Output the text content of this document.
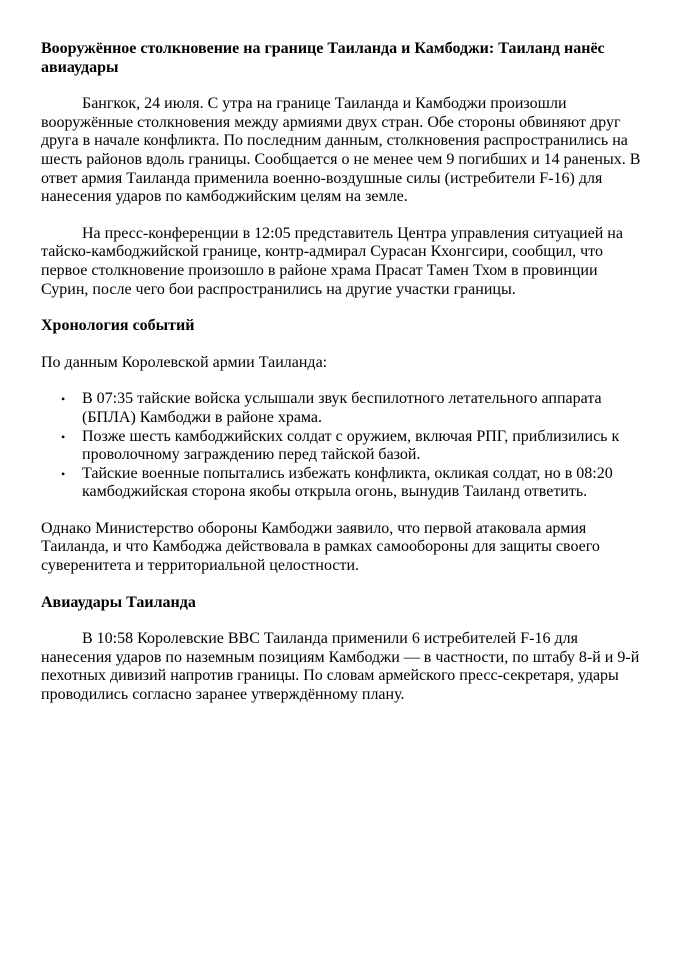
Вооружённое столкновение на границе Таиланда и Камбоджи: Таиланд нанёс авиаудары

Бангкок, 24 июля. С утра на границе Таиланда и Камбоджи произошли вооружённые столкновения между армиями двух стран. Обе стороны обвиняют друг друга в начале конфликта. По последним данным, столкновения распространились на шесть районов вдоль границы. Сообщается о не менее чем 9 погибших и 14 раненых. В ответ армия Таиланда применила военно-воздушные силы (истребители F-16) для нанесения ударов по камбоджийским целям на земле.

На пресс-конференции в 12:05 представитель Центра управления ситуацией на тайско-камбоджийской границе, контр-адмирал Сурасан Кхонгсири, сообщил, что первое столкновение произошло в районе храма Прасат Тамен Тхом в провинции Сурин, после чего бои распространились на другие участки границы.

Хронология событий

По данным Королевской армии Таиланда:

• В 07:35 тайские войска услышали звук беспилотного летательного аппарата (БПЛА) Камбоджи в районе храма.
• Позже шесть камбоджийских солдат с оружием, включая РПГ, приблизились к проволочному заграждению перед тайской базой.
• Тайские военные попытались избежать конфликта, окликая солдат, но в 08:20 камбоджийская сторона якобы открыла огонь, вынудив Таиланд ответить.

Однако Министерство обороны Камбоджи заявило, что первой атаковала армия Таиланда, и что Камбоджа действовала в рамках самообороны для защиты своего суверенитета и территориальной целостности.

Авиаудары Таиланда

В 10:58 Королевские ВВС Таиланда применили 6 истребителей F-16 для нанесения ударов по наземным позициям Камбоджи — в частности, по штабу 8-й и 9-й пехотных дивизий напротив границы. По словам армейского пресс-секретаря, удары проводились согласно заранее утверждённому плану.
